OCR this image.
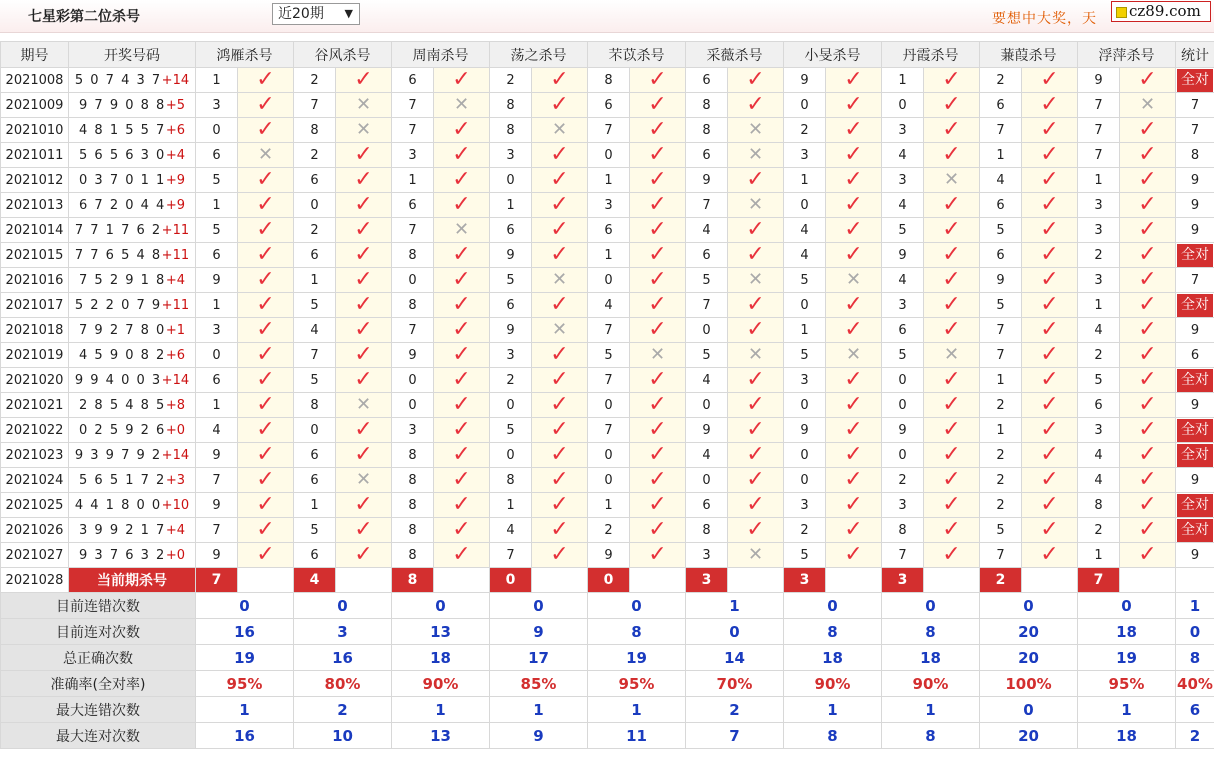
七星彩第二位杀号	近20期 ▼	要想中大奖，天	cz89.com
期号	开奖号码	鸿雁杀号		谷风杀号		周南杀号		荡之杀号		芣苡杀号		采薇杀号		小旻杀号		丹霞杀号		蒹葭杀号		浮萍杀号		统计
2021008	5 0 7 4 3 7+14	1	✓	2	✓	6	✓	2	✓	8	✓	6	✓	9	✓	1	✓	2	✓	9	✓	全对

2021009	9 7 9 0 8 8+5	3	✓	7	✕	7	✕	8	✓	6	✓	8	✓	0	✓	0	✓	6	✓	7	✕	7
2021010	4 8 1 5 5 7+6	0	✓	8	✕	7	✓	8	✕	7	✓	8	✕	2	✓	3	✓	7	✓	7	✓	7
2021011	5 6 5 6 3 0+4	6	✕	2	✓	3	✓	3	✓	0	✓	6	✕	3	✓	4	✓	1	✓	7	✓	8
2021012	0 3 7 0 1 1+9	5	✓	6	✓	1	✓	0	✓	1	✓	9	✓	1	✓	3	✕	4	✓	1	✓	9
2021013	6 7 2 0 4 4+9	1	✓	0	✓	6	✓	1	✓	3	✓	7	✕	0	✓	4	✓	6	✓	3	✓	9
2021014	7 7 1 7 6 2+11	5	✓	2	✓	7	✕	6	✓	6	✓	4	✓	4	✓	5	✓	5	✓	3	✓	9
2021015	7 7 6 5 4 8+11	6	✓	6	✓	8	✓	9	✓	1	✓	6	✓	4	✓	9	✓	6	✓	2	✓	全对

2021016	7 5 2 9 1 8+4	9	✓	1	✓	0	✓	5	✕	0	✓	5	✕	5	✕	4	✓	9	✓	3	✓	7
2021017	5 2 2 0 7 9+11	1	✓	5	✓	8	✓	6	✓	4	✓	7	✓	0	✓	3	✓	5	✓	1	✓	全对

2021018	7 9 2 7 8 0+1	3	✓	4	✓	7	✓	9	✕	7	✓	0	✓	1	✓	6	✓	7	✓	4	✓	9
2021019	4 5 9 0 8 2+6	0	✓	7	✓	9	✓	3	✓	5	✕	5	✕	5	✕	5	✕	7	✓	2	✓	6
2021020	9 9 4 0 0 3+14	6	✓	5	✓	0	✓	2	✓	7	✓	4	✓	3	✓	0	✓	1	✓	5	✓	全对

2021021	2 8 5 4 8 5+8	1	✓	8	✕	0	✓	0	✓	0	✓	0	✓	0	✓	0	✓	2	✓	6	✓	9
2021022	0 2 5 9 2 6+0	4	✓	0	✓	3	✓	5	✓	7	✓	9	✓	9	✓	9	✓	1	✓	3	✓	全对

2021023	9 3 9 7 9 2+14	9	✓	6	✓	8	✓	0	✓	0	✓	4	✓	0	✓	0	✓	2	✓	4	✓	全对

2021024	5 6 5 1 7 2+3	7	✓	6	✕	8	✓	8	✓	0	✓	0	✓	0	✓	2	✓	2	✓	4	✓	9
2021025	4 4 1 8 0 0+10	9	✓	1	✓	8	✓	1	✓	1	✓	6	✓	3	✓	3	✓	2	✓	8	✓	全对

2021026	3 9 9 2 1 7+4	7	✓	5	✓	8	✓	4	✓	2	✓	8	✓	2	✓	8	✓	5	✓	2	✓	全对

2021027	9 3 7 6 3 2+0	9	✓	6	✓	8	✓	7	✓	9	✓	3	✕	5	✓	7	✓	7	✓	1	✓	9
2021028	当前期杀号	7		4		8		0		0		3		3		3		2		7		
目前连错次数		0		0		0		0		0		1		0		0		0		0		1
目前连对次数		16		3		13		9		8		0		8		8		20		18		0
总正确次数		19		16		18		17		19		14		18		18		20		19		8
准确率(全对率)		95%		80%		90%		85%		95%		70%		90%		90%		100%		95%		40%
最大连错次数		1		2		1		1		1		2		1		1		0		1		6
最大连对次数		16		10		13		9		11		7		8		8		20		18		2
